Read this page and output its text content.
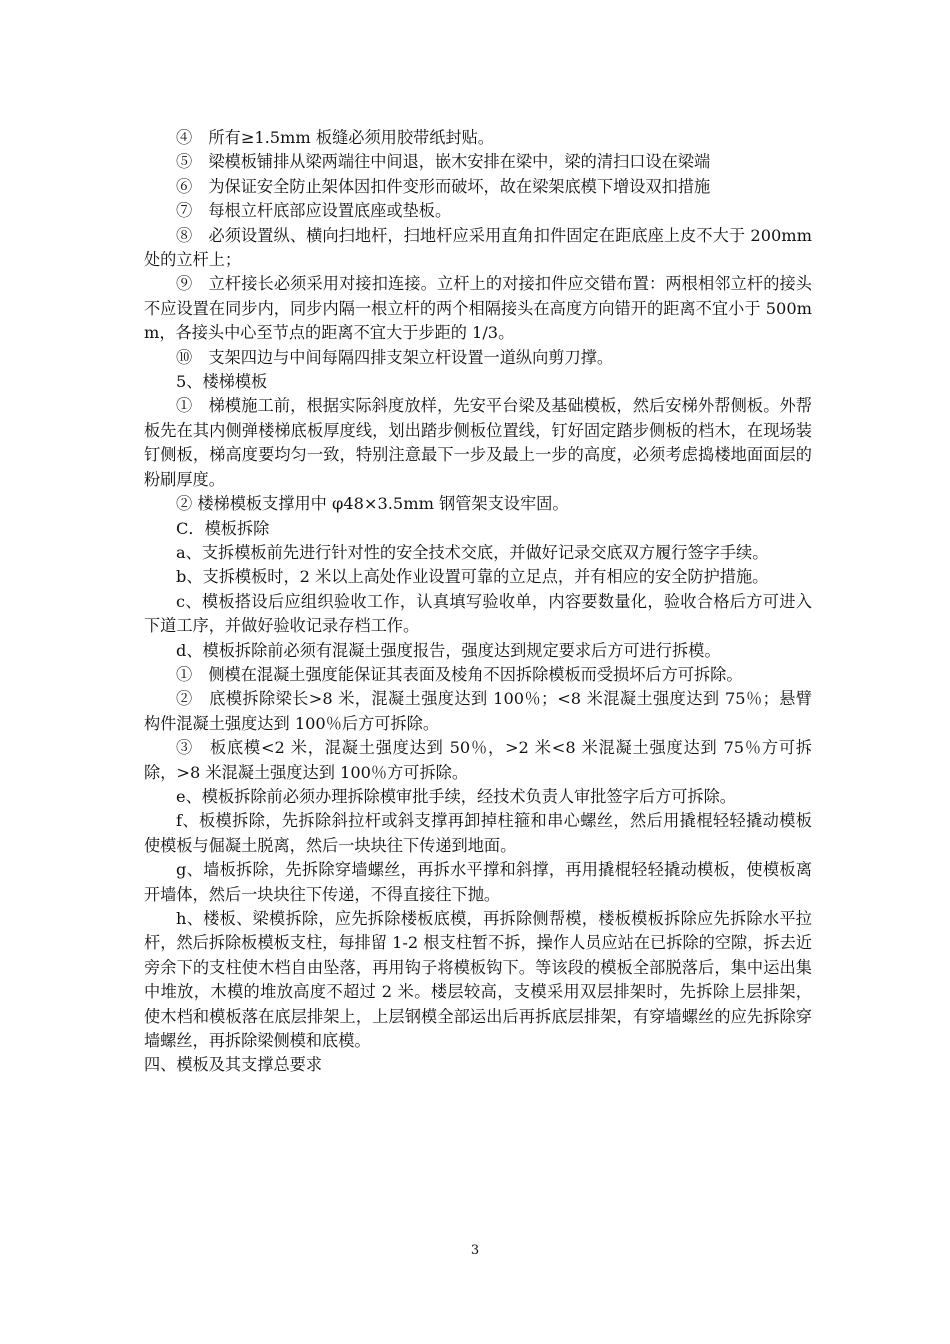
④　所有≥1.5mm 板缝必须用胶带纸封贴。

⑤　梁模板铺排从梁两端往中间退，嵌木安排在梁中，梁的清扫口设在梁端

⑥　为保证安全防止架体因扣件变形而破坏，故在梁架底模下增设双扣措施

⑦　每根立杆底部应设置底座或垫板。

⑧　必须设置纵、横向扫地杆，扫地杆应采用直角扣件固定在距底座上皮不大于 200mm 处的立杆上；

⑨　立杆接长必须采用对接扣连接。立杆上的对接扣件应交错布置：两根相邻立杆的接头不应设置在同步内，同步内隔一根立杆的两个相隔接头在高度方向错开的距离不宜小于 500mm，各接头中心至节点的距离不宜大于步距的 1/3。

⑩　支架四边与中间每隔四排支架立杆设置一道纵向剪刀撑。

5、楼梯模板

①　梯模施工前，根据实际斜度放样，先安平台梁及基础模板，然后安梯外帮侧板。外帮板先在其内侧弹楼梯底板厚度线，划出踏步侧板位置线，钉好固定踏步侧板的档木，在现场装钉侧板，梯高度要均匀一致，特别注意最下一步及最上一步的高度，必须考虑捣楼地面面层的粉刷厚度。

② 楼梯模板支撑用中 φ48×3.5mm 钢管架支设牢固。

C．模板拆除

a、支拆模板前先进行针对性的安全技术交底，并做好记录交底双方履行签字手续。

b、支拆模板时，2 米以上高处作业设置可靠的立足点，并有相应的安全防护措施。

c、模板搭设后应组织验收工作，认真填写验收单，内容要数量化，验收合格后方可进入下道工序，并做好验收记录存档工作。

d、模板拆除前必须有混凝土强度报告，强度达到规定要求后方可进行拆模。

①　侧模在混凝土强度能保证其表面及棱角不因拆除模板而受损坏后方可拆除。

②　底模拆除梁长>8 米，混凝土强度达到 100％；<8 米混凝土强度达到 75％；悬臂构件混凝土强度达到 100％后方可拆除。

③　板底模<2 米，混凝土强度达到 50％，>2 米<8 米混凝土强度达到 75％方可拆除，>8 米混凝土强度达到 100％方可拆除。

e、模板拆除前必须办理拆除模审批手续，经技术负责人审批签字后方可拆除。

f、板模拆除，先拆除斜拉杆或斜支撑再卸掉柱箍和串心螺丝，然后用撬棍轻轻撬动模板使模板与倔凝土脱离，然后一块块往下传递到地面。

g、墙板拆除，先拆除穿墙螺丝，再拆水平撑和斜撑，再用撬棍轻轻撬动模板，使模板离开墙体，然后一块块往下传递，不得直接往下抛。

h、楼板、梁模拆除，应先拆除楼板底模，再拆除侧帮模，楼板模板拆除应先拆除水平拉杆，然后拆除板模板支柱，每排留 1-2 根支柱暂不拆，操作人员应站在已拆除的空隙，拆去近旁余下的支柱使木档自由坠落，再用钩子将模板钩下。等该段的模板全部脱落后，集中运出集中堆放，木模的堆放高度不超过 2 米。楼层较高，支模采用双层排架时，先拆除上层排架，使木档和模板落在底层排架上，上层钢模全部运出后再拆底层排架，有穿墙螺丝的应先拆除穿墙螺丝，再拆除梁侧模和底模。

四、模板及其支撑总要求

3
